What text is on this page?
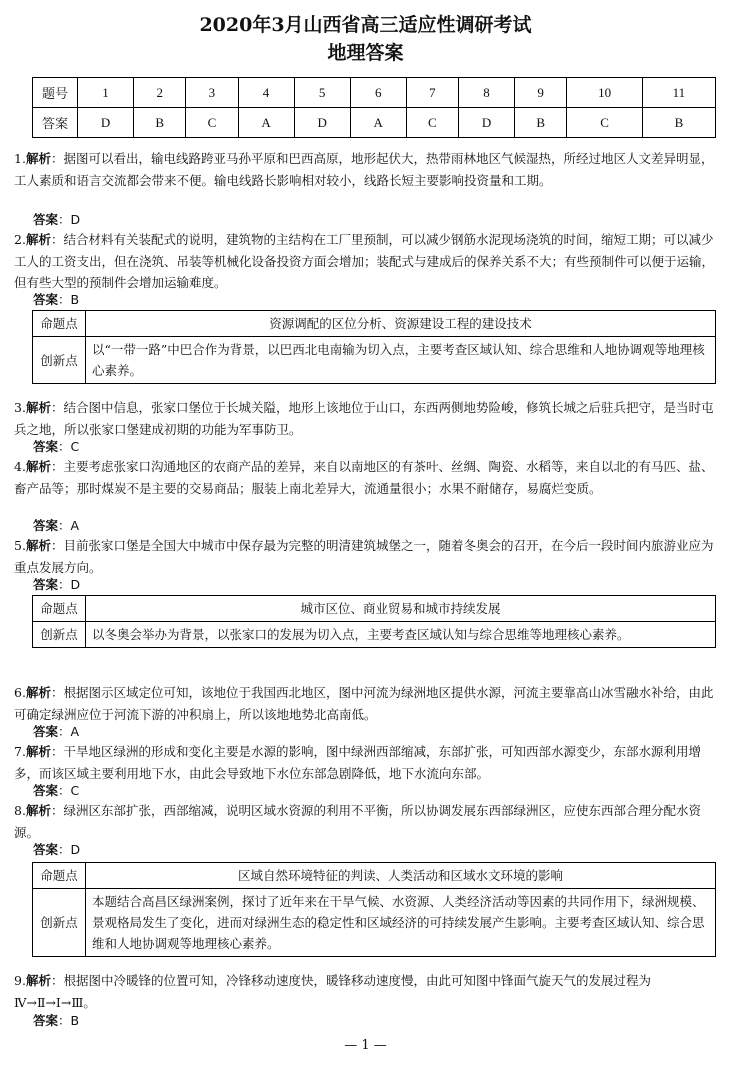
2020年3月山西省高三适应性调研考试
地理答案
题号	1	2	3	4	5	6	7	8	9	10	11
答案	D	B	C	A	D	A	C	D	B	C	B
1.解析：据图可以看出，输电线路跨亚马孙平原和巴西高原，地形起伏大，热带雨林地区气候湿热，所经过地区人文差异明显，工人素质和语言交流都会带来不便。输电线路长影响相对较小，线路长短主要影响投资量和工期。
答案：D
2.解析：结合材料有关装配式的说明，建筑物的主结构在工厂里预制，可以减少钢筋水泥现场浇筑的时间，缩短工期；可以减少工人的工资支出，但在浇筑、吊装等机械化设备投资方面会增加；装配式与建成后的保养关系不大；有些预制件可以便于运输，但有些大型的预制件会增加运输难度。
答案：B
命题点	资源调配的区位分析、资源建设工程的建设技术
创新点	以“一带一路”中巴合作为背景，以巴西北电南输为切入点，主要考查区域认知、综合思维和人地协调观等地理核心素养。
3.解析：结合图中信息，张家口堡位于长城关隘，地形上该地位于山口，东西两侧地势险峻，修筑长城之后驻兵把守，是当时屯兵之地，所以张家口堡建成初期的功能为军事防卫。
答案：C
4.解析：主要考虑张家口沟通地区的农商产品的差异，来自以南地区的有茶叶、丝绸、陶瓷、水稻等，来自以北的有马匹、盐、畜产品等；那时煤炭不是主要的交易商品；服装上南北差异大，流通量很小；水果不耐储存，易腐烂变质。
答案：A
5.解析：目前张家口堡是全国大中城市中保存最为完整的明清建筑城堡之一，随着冬奥会的召开，在今后一段时间内旅游业应为重点发展方向。
答案：D
命题点	城市区位、商业贸易和城市持续发展
创新点	以冬奥会举办为背景，以张家口的发展为切入点，主要考查区域认知与综合思维等地理核心素养。
6.解析：根据图示区域定位可知，该地位于我国西北地区，图中河流为绿洲地区提供水源，河流主要靠高山冰雪融水补给，由此可确定绿洲应位于河流下游的冲积扇上，所以该地地势北高南低。
答案：A
7.解析：干旱地区绿洲的形成和变化主要是水源的影响，图中绿洲西部缩减，东部扩张，可知西部水源变少，东部水源利用增多，而该区域主要利用地下水，由此会导致地下水位东部急剧降低，地下水流向东部。
答案：C
8.解析：绿洲区东部扩张，西部缩减，说明区域水资源的利用不平衡，所以协调发展东西部绿洲区，应使东西部合理分配水资源。
答案：D
命题点	区域自然环境特征的判读、人类活动和区域水文环境的影响
创新点	本题结合高昌区绿洲案例，探讨了近年来在干旱气候、水资源、人类经济活动等因素的共同作用下，绿洲规模、景观格局发生了变化，进而对绿洲生态的稳定性和区域经济的可持续发展产生影响。主要考查区域认知、综合思维和人地协调观等地理核心素养。
9.解析：根据图中冷暖锋的位置可知，冷锋移动速度快，暖锋移动速度慢，由此可知图中锋面气旋天气的发展过程为Ⅳ→Ⅱ→Ⅰ→Ⅲ。
答案：B
— 1 —
